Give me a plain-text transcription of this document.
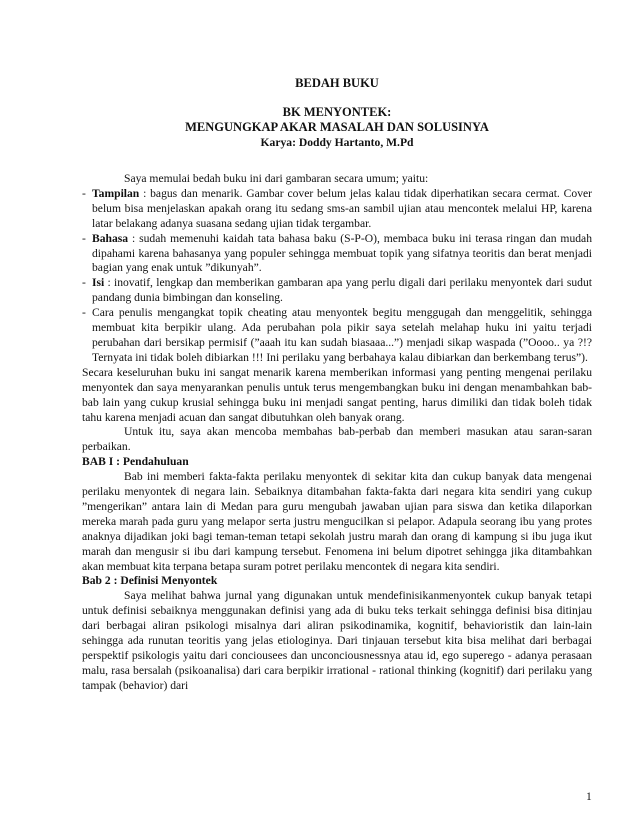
BEDAH BUKU
BK MENYONTEK:
MENGUNGKAP AKAR MASALAH DAN SOLUSINYA
Karya: Doddy Hartanto, M.Pd

Saya memulai bedah buku ini dari gambaran secara umum; yaitu:

- Tampilan : bagus dan menarik. Gambar cover belum jelas kalau tidak diperhatikan secara cermat. Cover belum bisa menjelaskan apakah orang itu sedang sms-an sambil ujian atau mencontek melalui HP, karena latar belakang adanya suasana sedang ujian tidak tergambar.
- Bahasa : sudah memenuhi kaidah tata bahasa baku (S-P-O), membaca buku ini terasa ringan dan mudah dipahami karena bahasanya yang populer sehingga membuat topik yang sifatnya teoritis dan berat menjadi bagian yang enak untuk ”dikunyah”.
- Isi : inovatif, lengkap dan memberikan gambaran apa yang perlu digali dari perilaku menyontek dari sudut pandang dunia bimbingan dan konseling.
- Cara penulis mengangkat topik cheating atau menyontek begitu menggugah dan menggelitik, sehingga membuat kita berpikir ulang. Ada perubahan pola pikir saya setelah melahap huku ini yaitu terjadi perubahan dari bersikap permisif (”aaah itu kan sudah biasaaa...”) menjadi sikap waspada (”Oooo.. ya ?!? Ternyata ini tidak boleh dibiarkan !!! Ini perilaku yang berbahaya kalau dibiarkan dan berkembang terus”).

Secara keseluruhan buku ini sangat menarik karena memberikan informasi yang penting mengenai perilaku menyontek dan saya menyarankan penulis untuk terus mengembangkan buku ini dengan menambahkan bab-bab lain yang cukup krusial sehingga buku ini menjadi sangat penting, harus dimiliki dan tidak boleh tidak tahu karena menjadi acuan dan sangat dibutuhkan oleh banyak orang.

Untuk itu, saya akan mencoba membahas bab-perbab dan memberi masukan atau saran-saran perbaikan.

BAB I : Pendahuluan

Bab ini memberi fakta-fakta perilaku menyontek di sekitar kita dan cukup banyak data mengenai perilaku menyontek di negara lain. Sebaiknya ditambahan fakta-fakta dari negara kita sendiri yang cukup ”mengerikan” antara lain di Medan para guru mengubah jawaban ujian para siswa dan ketika dilaporkan mereka marah pada guru yang melapor serta justru mengucilkan si pelapor. Adapula seorang ibu yang protes anaknya dijadikan joki bagi teman-teman tetapi sekolah justru marah dan orang di kampung si ibu juga ikut marah dan mengusir si ibu dari kampung tersebut. Fenomena ini belum dipotret sehingga jika ditambahkan akan membuat kita terpana betapa suram potret perilaku mencontek di negara kita sendiri.

Bab 2 : Definisi Menyontek

Saya melihat bahwa jurnal yang digunakan untuk mendefinisikanmenyontek cukup banyak tetapi untuk definisi sebaiknya menggunakan definisi yang ada di buku teks terkait sehingga definisi bisa ditinjau dari berbagai aliran psikologi misalnya dari aliran psikodinamika, kognitif, behavioristik dan lain-lain sehingga ada runutan teoritis yang jelas etiologinya. Dari tinjauan tersebut kita bisa melihat dari berbagai perspektif psikologis yaitu dari conciousees dan unconciousnessnya atau id, ego superego - adanya perasaan malu, rasa bersalah (psikoanalisa) dari cara berpikir irrational - rational thinking (kognitif) dari perilaku yang tampak (behavior) dari

1
